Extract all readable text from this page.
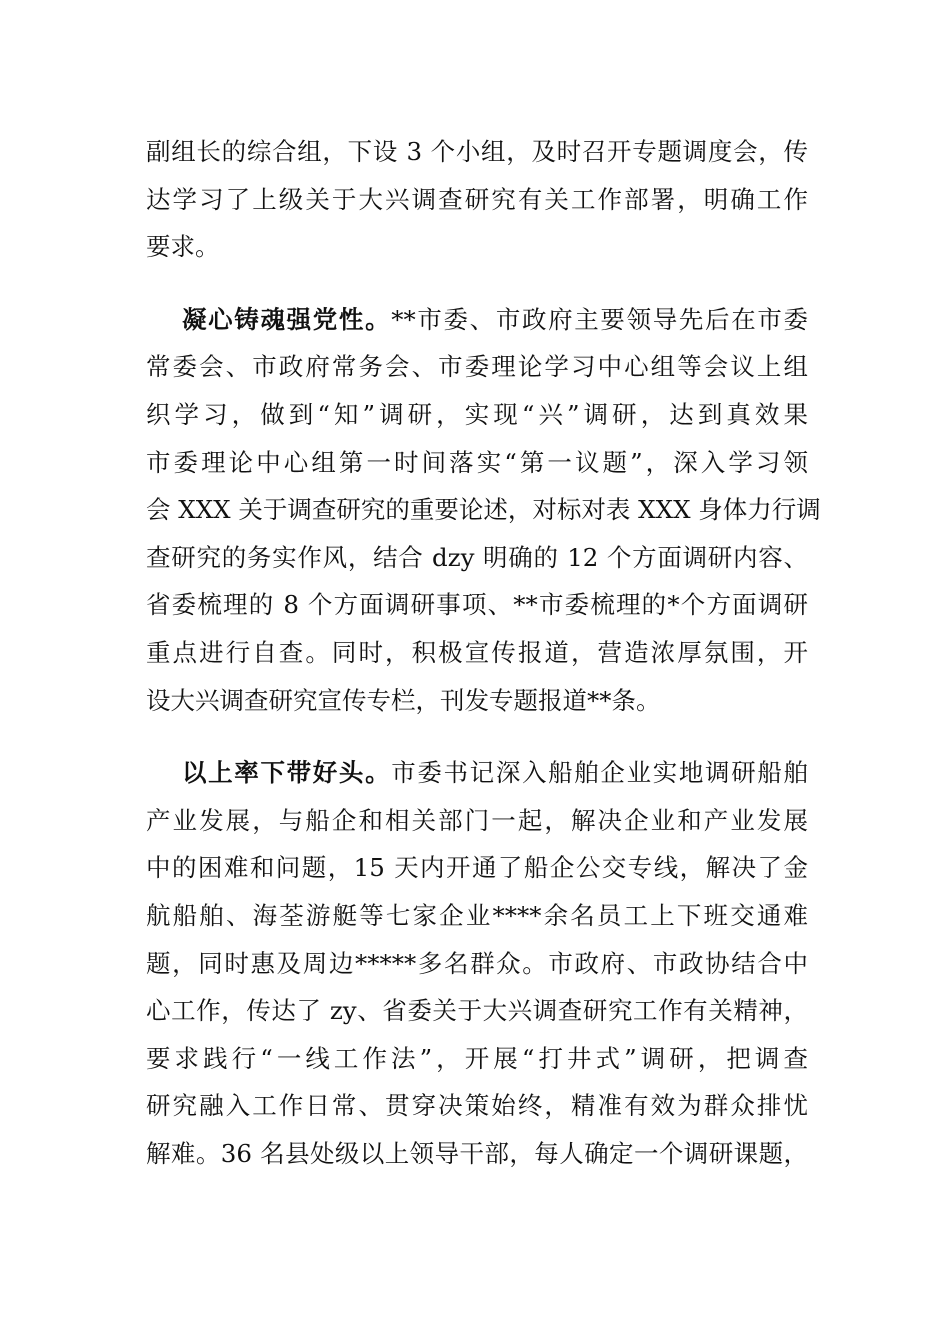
副组长的综合组，下设 3 个小组，及时召开专题调度会，传
达学习了上级关于大兴调查研究有关工作部署，明确工作
要求。

凝心铸魂强党性。**市委、市政府主要领导先后在市委
常委会、市政府常务会、市委理论学习中心组等会议上组
织学习，做到“知”调研，实现“兴”调研，达到真效果
市委理论中心组第一时间落实“第一议题”，深入学习领
会 XXX 关于调查研究的重要论述，对标对表 XXX 身体力行调
查研究的务实作风，结合 dzy 明确的 12 个方面调研内容、
省委梳理的 8 个方面调研事项、**市委梳理的*个方面调研
重点进行自查。同时，积极宣传报道，营造浓厚氛围，开
设大兴调查研究宣传专栏，刊发专题报道**条。

以上率下带好头。市委书记深入船舶企业实地调研船舶
产业发展，与船企和相关部门一起，解决企业和产业发展
中的困难和问题，15 天内开通了船企公交专线，解决了金
航船舶、海荃游艇等七家企业****余名员工上下班交通难
题，同时惠及周边*****多名群众。市政府、市政协结合中
心工作，传达了 zy、省委关于大兴调查研究工作有关精神，
要求践行“一线工作法”，开展“打井式”调研，把调查
研究融入工作日常、贯穿决策始终，精准有效为群众排忧
解难。36 名县处级以上领导干部，每人确定一个调研课题，
